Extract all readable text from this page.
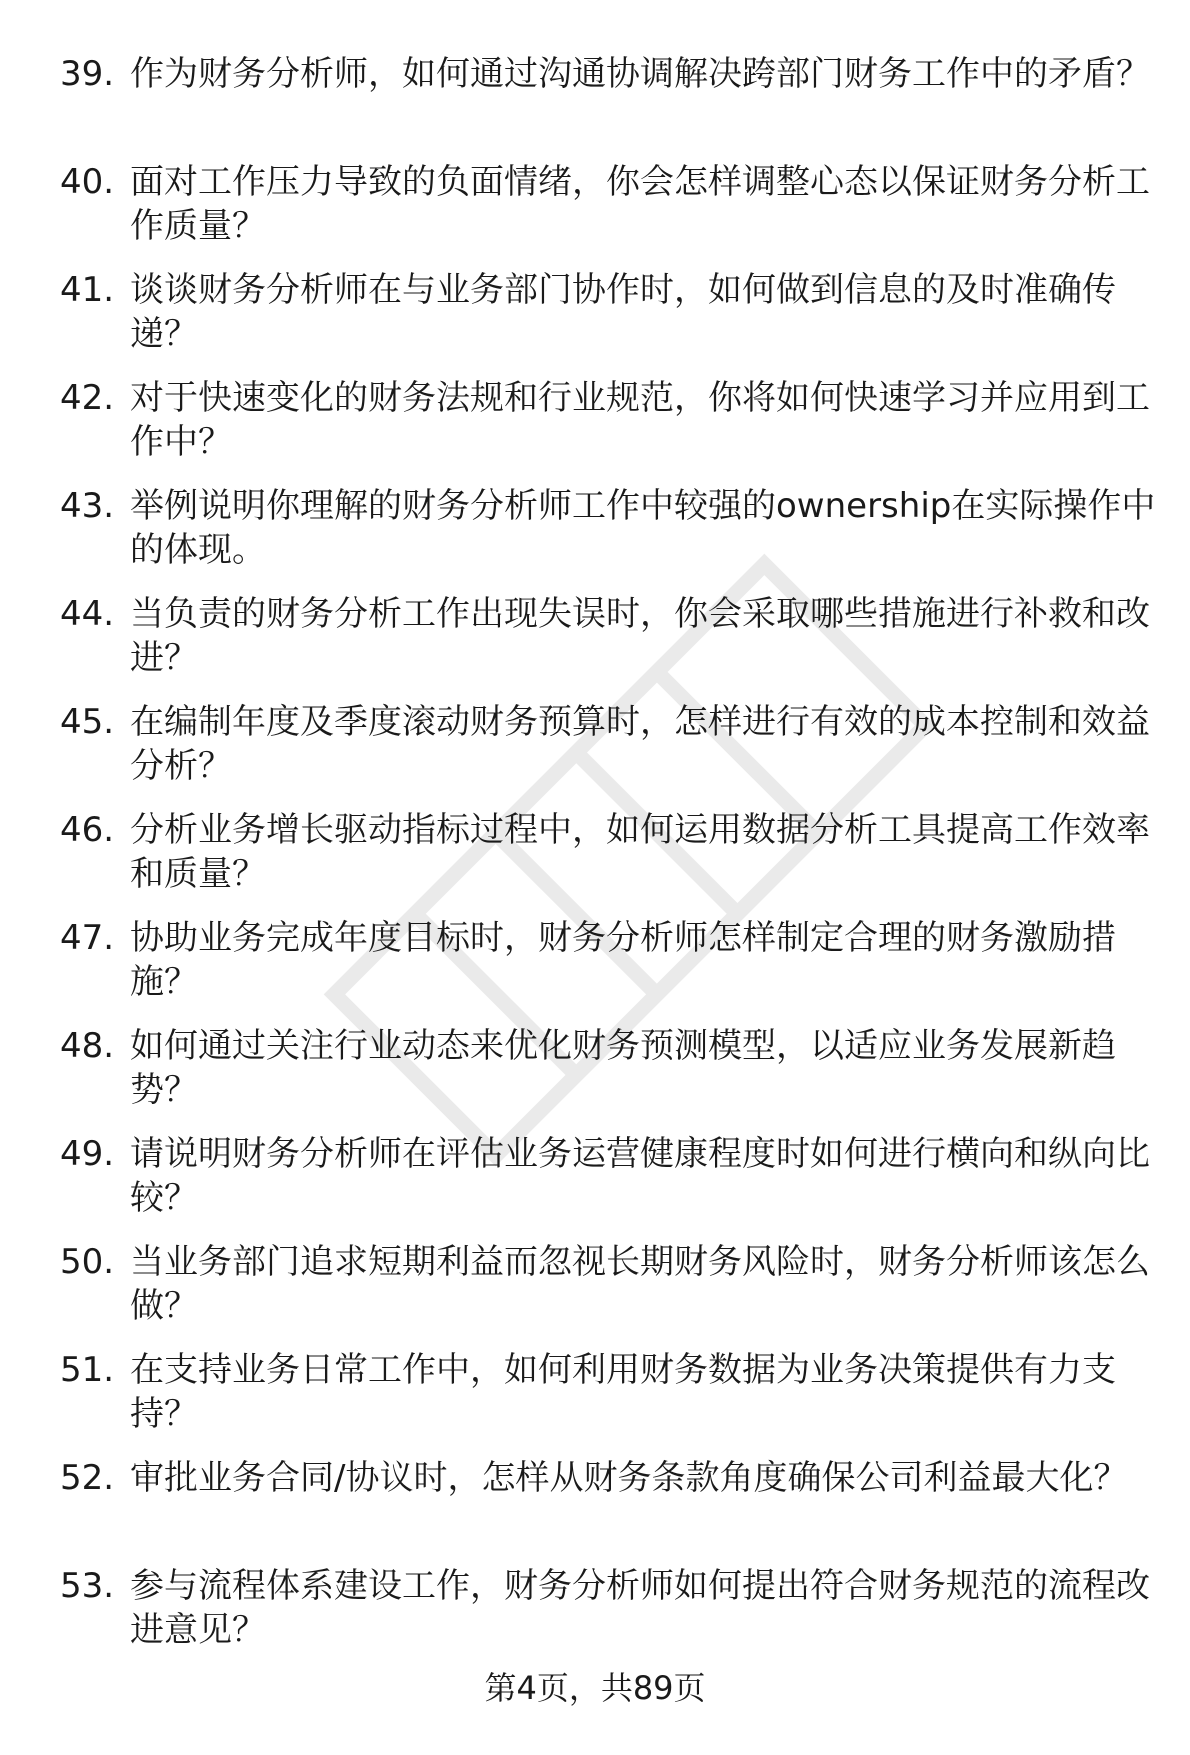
39. 作为财务分析师，如何通过沟通协调解决跨部门财务工作中的矛盾？
40. 面对工作压力导致的负面情绪，你会怎样调整心态以保证财务分析工作质量？
41. 谈谈财务分析师在与业务部门协作时，如何做到信息的及时准确传递？
42. 对于快速变化的财务法规和行业规范，你将如何快速学习并应用到工作中？
43. 举例说明你理解的财务分析师工作中较强的ownership在实际操作中的体现。
44. 当负责的财务分析工作出现失误时，你会采取哪些措施进行补救和改进？
45. 在编制年度及季度滚动财务预算时，怎样进行有效的成本控制和效益分析？
46. 分析业务增长驱动指标过程中，如何运用数据分析工具提高工作效率和质量？
47. 协助业务完成年度目标时，财务分析师怎样制定合理的财务激励措施？
48. 如何通过关注行业动态来优化财务预测模型，以适应业务发展新趋势？
49. 请说明财务分析师在评估业务运营健康程度时如何进行横向和纵向比较？
50. 当业务部门追求短期利益而忽视长期财务风险时，财务分析师该怎么做？
51. 在支持业务日常工作中，如何利用财务数据为业务决策提供有力支持？
52. 审批业务合同/协议时，怎样从财务条款角度确保公司利益最大化？
53. 参与流程体系建设工作，财务分析师如何提出符合财务规范的流程改进意见？
第4页，共89页
